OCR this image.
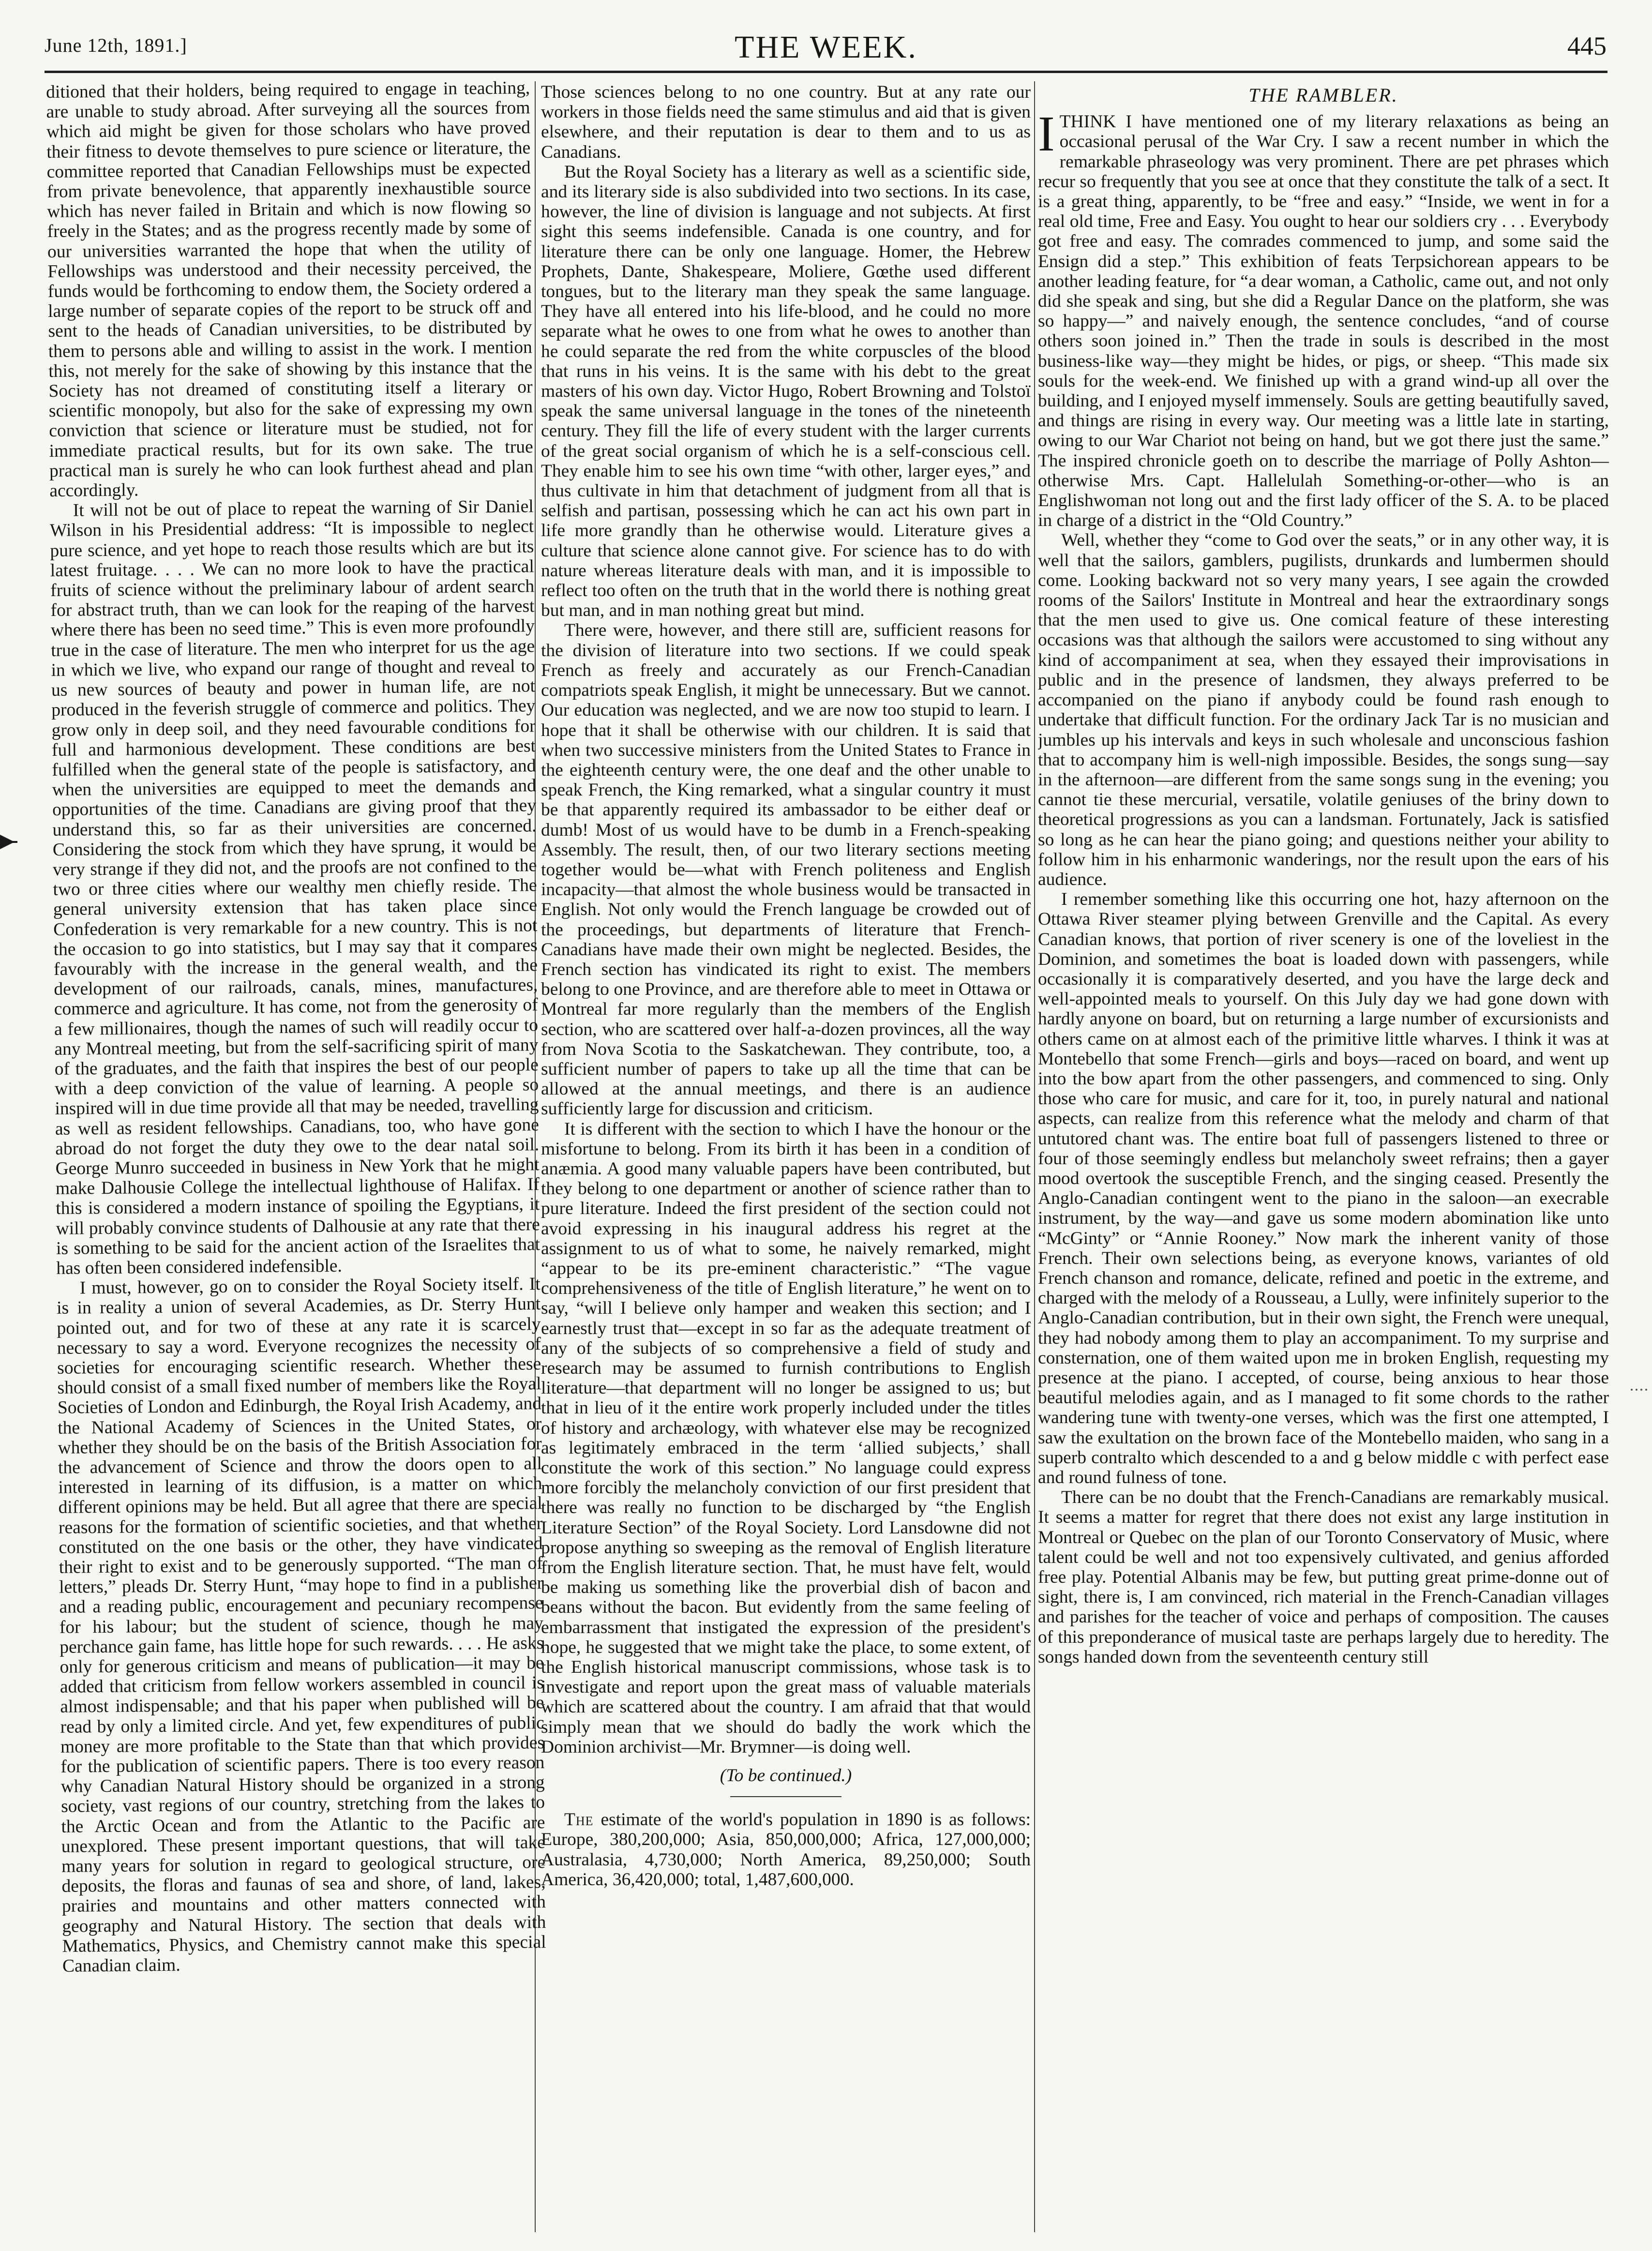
June 12th, 1891.]	THE WEEK.	445

ditioned that their holders, being required to engage in teaching, are unable to study abroad. After surveying all the sources from which aid might be given for those scholars who have proved their fitness to devote themselves to pure science or literature, the committee reported that Canadian Fellowships must be expected from private benevolence, that apparently inexhaustible source which has never failed in Britain and which is now flowing so freely in the States; and as the progress recently made by some of our universities warranted the hope that when the utility of Fellowships was understood and their necessity perceived, the funds would be forthcoming to endow them, the Society ordered a large number of separate copies of the report to be struck off and sent to the heads of Canadian universities, to be distributed by them to persons able and willing to assist in the work. I mention this, not merely for the sake of showing by this instance that the Society has not dreamed of constituting itself a literary or scientific monopoly, but also for the sake of expressing my own conviction that science or literature must be studied, not for immediate practical results, but for its own sake. The true practical man is surely he who can look furthest ahead and plan accordingly.

It will not be out of place to repeat the warning of Sir Daniel Wilson in his Presidential address: “It is impossible to neglect pure science, and yet hope to reach those results which are but its latest fruitage. . . . We can no more look to have the practical fruits of science without the preliminary labour of ardent search for abstract truth, than we can look for the reaping of the harvest where there has been no seed time.” This is even more profoundly true in the case of literature. The men who interpret for us the age in which we live, who expand our range of thought and reveal to us new sources of beauty and power in human life, are not produced in the feverish struggle of commerce and politics. They grow only in deep soil, and they need favourable conditions for full and harmonious development. These conditions are best fulfilled when the general state of the people is satisfactory, and when the universities are equipped to meet the demands and opportunities of the time. Canadians are giving proof that they understand this, so far as their universities are concerned. Considering the stock from which they have sprung, it would be very strange if they did not, and the proofs are not confined to the two or three cities where our wealthy men chiefly reside. The general university extension that has taken place since Confederation is very remarkable for a new country. This is not the occasion to go into statistics, but I may say that it compares favourably with the increase in the general wealth, and the development of our railroads, canals, mines, manufactures, commerce and agriculture. It has come, not from the generosity of a few millionaires, though the names of such will readily occur to any Montreal meeting, but from the self-sacrificing spirit of many of the graduates, and the faith that inspires the best of our people with a deep conviction of the value of learning. A people so inspired will in due time provide all that may be needed, travelling as well as resident fellowships. Canadians, too, who have gone abroad do not forget the duty they owe to the dear natal soil. George Munro succeeded in business in New York that he might make Dalhousie College the intellectual lighthouse of Halifax. If this is considered a modern instance of spoiling the Egyptians, it will probably convince students of Dalhousie at any rate that there is something to be said for the ancient action of the Israelites that has often been considered indefensible.

I must, however, go on to consider the Royal Society itself. It is in reality a union of several Academies, as Dr. Sterry Hunt pointed out, and for two of these at any rate it is scarcely necessary to say a word. Everyone recognizes the necessity of societies for encouraging scientific research. Whether these should consist of a small fixed number of members like the Royal Societies of London and Edinburgh, the Royal Irish Academy, and the National Academy of Sciences in the United States, or whether they should be on the basis of the British Association for the advancement of Science and throw the doors open to all interested in learning of its diffusion, is a matter on which different opinions may be held. But all agree that there are special reasons for the formation of scientific societies, and that whether constituted on the one basis or the other, they have vindicated their right to exist and to be generously supported. “The man of letters,” pleads Dr. Sterry Hunt, “may hope to find in a publisher and a reading public, encouragement and pecuniary recompense for his labour; but the student of science, though he may perchance gain fame, has little hope for such rewards. . . . He asks only for generous criticism and means of publication—it may be added that criticism from fellow workers assembled in council is almost indispensable; and that his paper when published will be read by only a limited circle. And yet, few expenditures of public money are more profitable to the State than that which provides for the publication of scientific papers. There is too every reason why Canadian Natural History should be organized in a strong society, vast regions of our country, stretching from the lakes to the Arctic Ocean and from the Atlantic to the Pacific are unexplored. These present important questions, that will take many years for solution in regard to geological structure, ore deposits, the floras and faunas of sea and shore, of land, lakes, prairies and mountains and other matters connected with geography and Natural History. The section that deals with Mathematics, Physics, and Chemistry cannot make this special Canadian claim.

Those sciences belong to no one country. But at any rate our workers in those fields need the same stimulus and aid that is given elsewhere, and their reputation is dear to them and to us as Canadians.

But the Royal Society has a literary as well as a scientific side, and its literary side is also subdivided into two sections. In its case, however, the line of division is language and not subjects. At first sight this seems indefensible. Canada is one country, and for literature there can be only one language. Homer, the Hebrew Prophets, Dante, Shakespeare, Moliere, Gœthe used different tongues, but to the literary man they speak the same language. They have all entered into his life-blood, and he could no more separate what he owes to one from what he owes to another than he could separate the red from the white corpuscles of the blood that runs in his veins. It is the same with his debt to the great masters of his own day. Victor Hugo, Robert Browning and Tolstoï speak the same universal language in the tones of the nineteenth century. They fill the life of every student with the larger currents of the great social organism of which he is a self-conscious cell. They enable him to see his own time “with other, larger eyes,” and thus cultivate in him that detachment of judgment from all that is selfish and partisan, possessing which he can act his own part in life more grandly than he otherwise would. Literature gives a culture that science alone cannot give. For science has to do with nature whereas literature deals with man, and it is impossible to reflect too often on the truth that in the world there is nothing great but man, and in man nothing great but mind.

There were, however, and there still are, sufficient reasons for the division of literature into two sections. If we could speak French as freely and accurately as our French-Canadian compatriots speak English, it might be unnecessary. But we cannot. Our education was neglected, and we are now too stupid to learn. I hope that it shall be otherwise with our children. It is said that when two successive ministers from the United States to France in the eighteenth century were, the one deaf and the other unable to speak French, the King remarked, what a singular country it must be that apparently required its ambassador to be either deaf or dumb! Most of us would have to be dumb in a French-speaking Assembly. The result, then, of our two literary sections meeting together would be—what with French politeness and English incapacity—that almost the whole business would be transacted in English. Not only would the French language be crowded out of the proceedings, but departments of literature that French-Canadians have made their own might be neglected. Besides, the French section has vindicated its right to exist. The members belong to one Province, and are therefore able to meet in Ottawa or Montreal far more regularly than the members of the English section, who are scattered over half-a-dozen provinces, all the way from Nova Scotia to the Saskatchewan. They contribute, too, a sufficient number of papers to take up all the time that can be allowed at the annual meetings, and there is an audience sufficiently large for discussion and criticism.

It is different with the section to which I have the honour or the misfortune to belong. From its birth it has been in a condition of anæmia. A good many valuable papers have been contributed, but they belong to one department or another of science rather than to pure literature. Indeed the first president of the section could not avoid expressing in his inaugural address his regret at the assignment to us of what to some, he naively remarked, might “appear to be its pre-eminent characteristic.” “The vague comprehensiveness of the title of English literature,” he went on to say, “will I believe only hamper and weaken this section; and I earnestly trust that—except in so far as the adequate treatment of any of the subjects of so comprehensive a field of study and research may be assumed to furnish contributions to English literature—that department will no longer be assigned to us; but that in lieu of it the entire work properly included under the titles of history and archæology, with whatever else may be recognized as legitimately embraced in the term ‘allied subjects,’ shall constitute the work of this section.” No language could express more forcibly the melancholy conviction of our first president that there was really no function to be discharged by “the English Literature Section” of the Royal Society. Lord Lansdowne did not propose anything so sweeping as the removal of English literature from the English literature section. That, he must have felt, would be making us something like the proverbial dish of bacon and beans without the bacon. But evidently from the same feeling of embarrassment that instigated the expression of the president's hope, he suggested that we might take the place, to some extent, of the English historical manuscript commissions, whose task is to investigate and report upon the great mass of valuable materials which are scattered about the country. I am afraid that that would simply mean that we should do badly the work which the Dominion archivist—Mr. Brymner—is doing well.

(To be continued.)

The estimate of the world's population in 1890 is as follows: Europe, 380,200,000; Asia, 850,000,000; Africa, 127,000,000; Australasia, 4,730,000; North America, 89,250,000; South America, 36,420,000; total, 1,487,600,000.

THE RAMBLER.

I THINK I have mentioned one of my literary relaxations as being an occasional perusal of the War Cry. I saw a recent number in which the remarkable phraseology was very prominent. There are pet phrases which recur so frequently that you see at once that they constitute the talk of a sect. It is a great thing, apparently, to be “free and easy.” “Inside, we went in for a real old time, Free and Easy. You ought to hear our soldiers cry . . . Everybody got free and easy. The comrades commenced to jump, and some said the Ensign did a step.” This exhibition of feats Terpsichorean appears to be another leading feature, for “a dear woman, a Catholic, came out, and not only did she speak and sing, but she did a Regular Dance on the platform, she was so happy—” and naively enough, the sentence concludes, “and of course others soon joined in.” Then the trade in souls is described in the most business-like way—they might be hides, or pigs, or sheep. “This made six souls for the week-end. We finished up with a grand wind-up all over the building, and I enjoyed myself immensely. Souls are getting beautifully saved, and things are rising in every way. Our meeting was a little late in starting, owing to our War Chariot not being on hand, but we got there just the same.” The inspired chronicle goeth on to describe the marriage of Polly Ashton—otherwise Mrs. Capt. Hallelulah Something-or-other—who is an Englishwoman not long out and the first lady officer of the S. A. to be placed in charge of a district in the “Old Country.”

Well, whether they “come to God over the seats,” or in any other way, it is well that the sailors, gamblers, pugilists, drunkards and lumbermen should come. Looking backward not so very many years, I see again the crowded rooms of the Sailors' Institute in Montreal and hear the extraordinary songs that the men used to give us. One comical feature of these interesting occasions was that although the sailors were accustomed to sing without any kind of accompaniment at sea, when they essayed their improvisations in public and in the presence of landsmen, they always preferred to be accompanied on the piano if anybody could be found rash enough to undertake that difficult function. For the ordinary Jack Tar is no musician and jumbles up his intervals and keys in such wholesale and unconscious fashion that to accompany him is well-nigh impossible. Besides, the songs sung—say in the afternoon—are different from the same songs sung in the evening; you cannot tie these mercurial, versatile, volatile geniuses of the briny down to theoretical progressions as you can a landsman. Fortunately, Jack is satisfied so long as he can hear the piano going; and questions neither your ability to follow him in his enharmonic wanderings, nor the result upon the ears of his audience.

I remember something like this occurring one hot, hazy afternoon on the Ottawa River steamer plying between Grenville and the Capital. As every Canadian knows, that portion of river scenery is one of the loveliest in the Dominion, and sometimes the boat is loaded down with passengers, while occasionally it is comparatively deserted, and you have the large deck and well-appointed meals to yourself. On this July day we had gone down with hardly anyone on board, but on returning a large number of excursionists and others came on at almost each of the primitive little wharves. I think it was at Montebello that some French—girls and boys—raced on board, and went up into the bow apart from the other passengers, and commenced to sing. Only those who care for music, and care for it, too, in purely natural and national aspects, can realize from this reference what the melody and charm of that untutored chant was. The entire boat full of passengers listened to three or four of those seemingly endless but melancholy sweet refrains; then a gayer mood overtook the susceptible French, and the singing ceased. Presently the Anglo-Canadian contingent went to the piano in the saloon—an execrable instrument, by the way—and gave us some modern abomination like unto “McGinty” or “Annie Rooney.” Now mark the inherent vanity of those French. Their own selections being, as everyone knows, variantes of old French chanson and romance, delicate, refined and poetic in the extreme, and charged with the melody of a Rousseau, a Lully, were infinitely superior to the Anglo-Canadian contribution, but in their own sight, the French were unequal, they had nobody among them to play an accompaniment. To my surprise and consternation, one of them waited upon me in broken English, requesting my presence at the piano. I accepted, of course, being anxious to hear those beautiful melodies again, and as I managed to fit some chords to the rather wandering tune with twenty-one verses, which was the first one attempted, I saw the exultation on the brown face of the Montebello maiden, who sang in a superb contralto which descended to a and g below middle c with perfect ease and round fulness of tone.

There can be no doubt that the French-Canadians are remarkably musical. It seems a matter for regret that there does not exist any large institution in Montreal or Quebec on the plan of our Toronto Conservatory of Music, where talent could be well and not too expensively cultivated, and genius afforded free play. Potential Albanis may be few, but putting great prime-donne out of sight, there is, I am convinced, rich material in the French-Canadian villages and parishes for the teacher of voice and perhaps of composition. The causes of this preponderance of musical taste are perhaps largely due to heredity. The songs handed down from the seventeenth century still
